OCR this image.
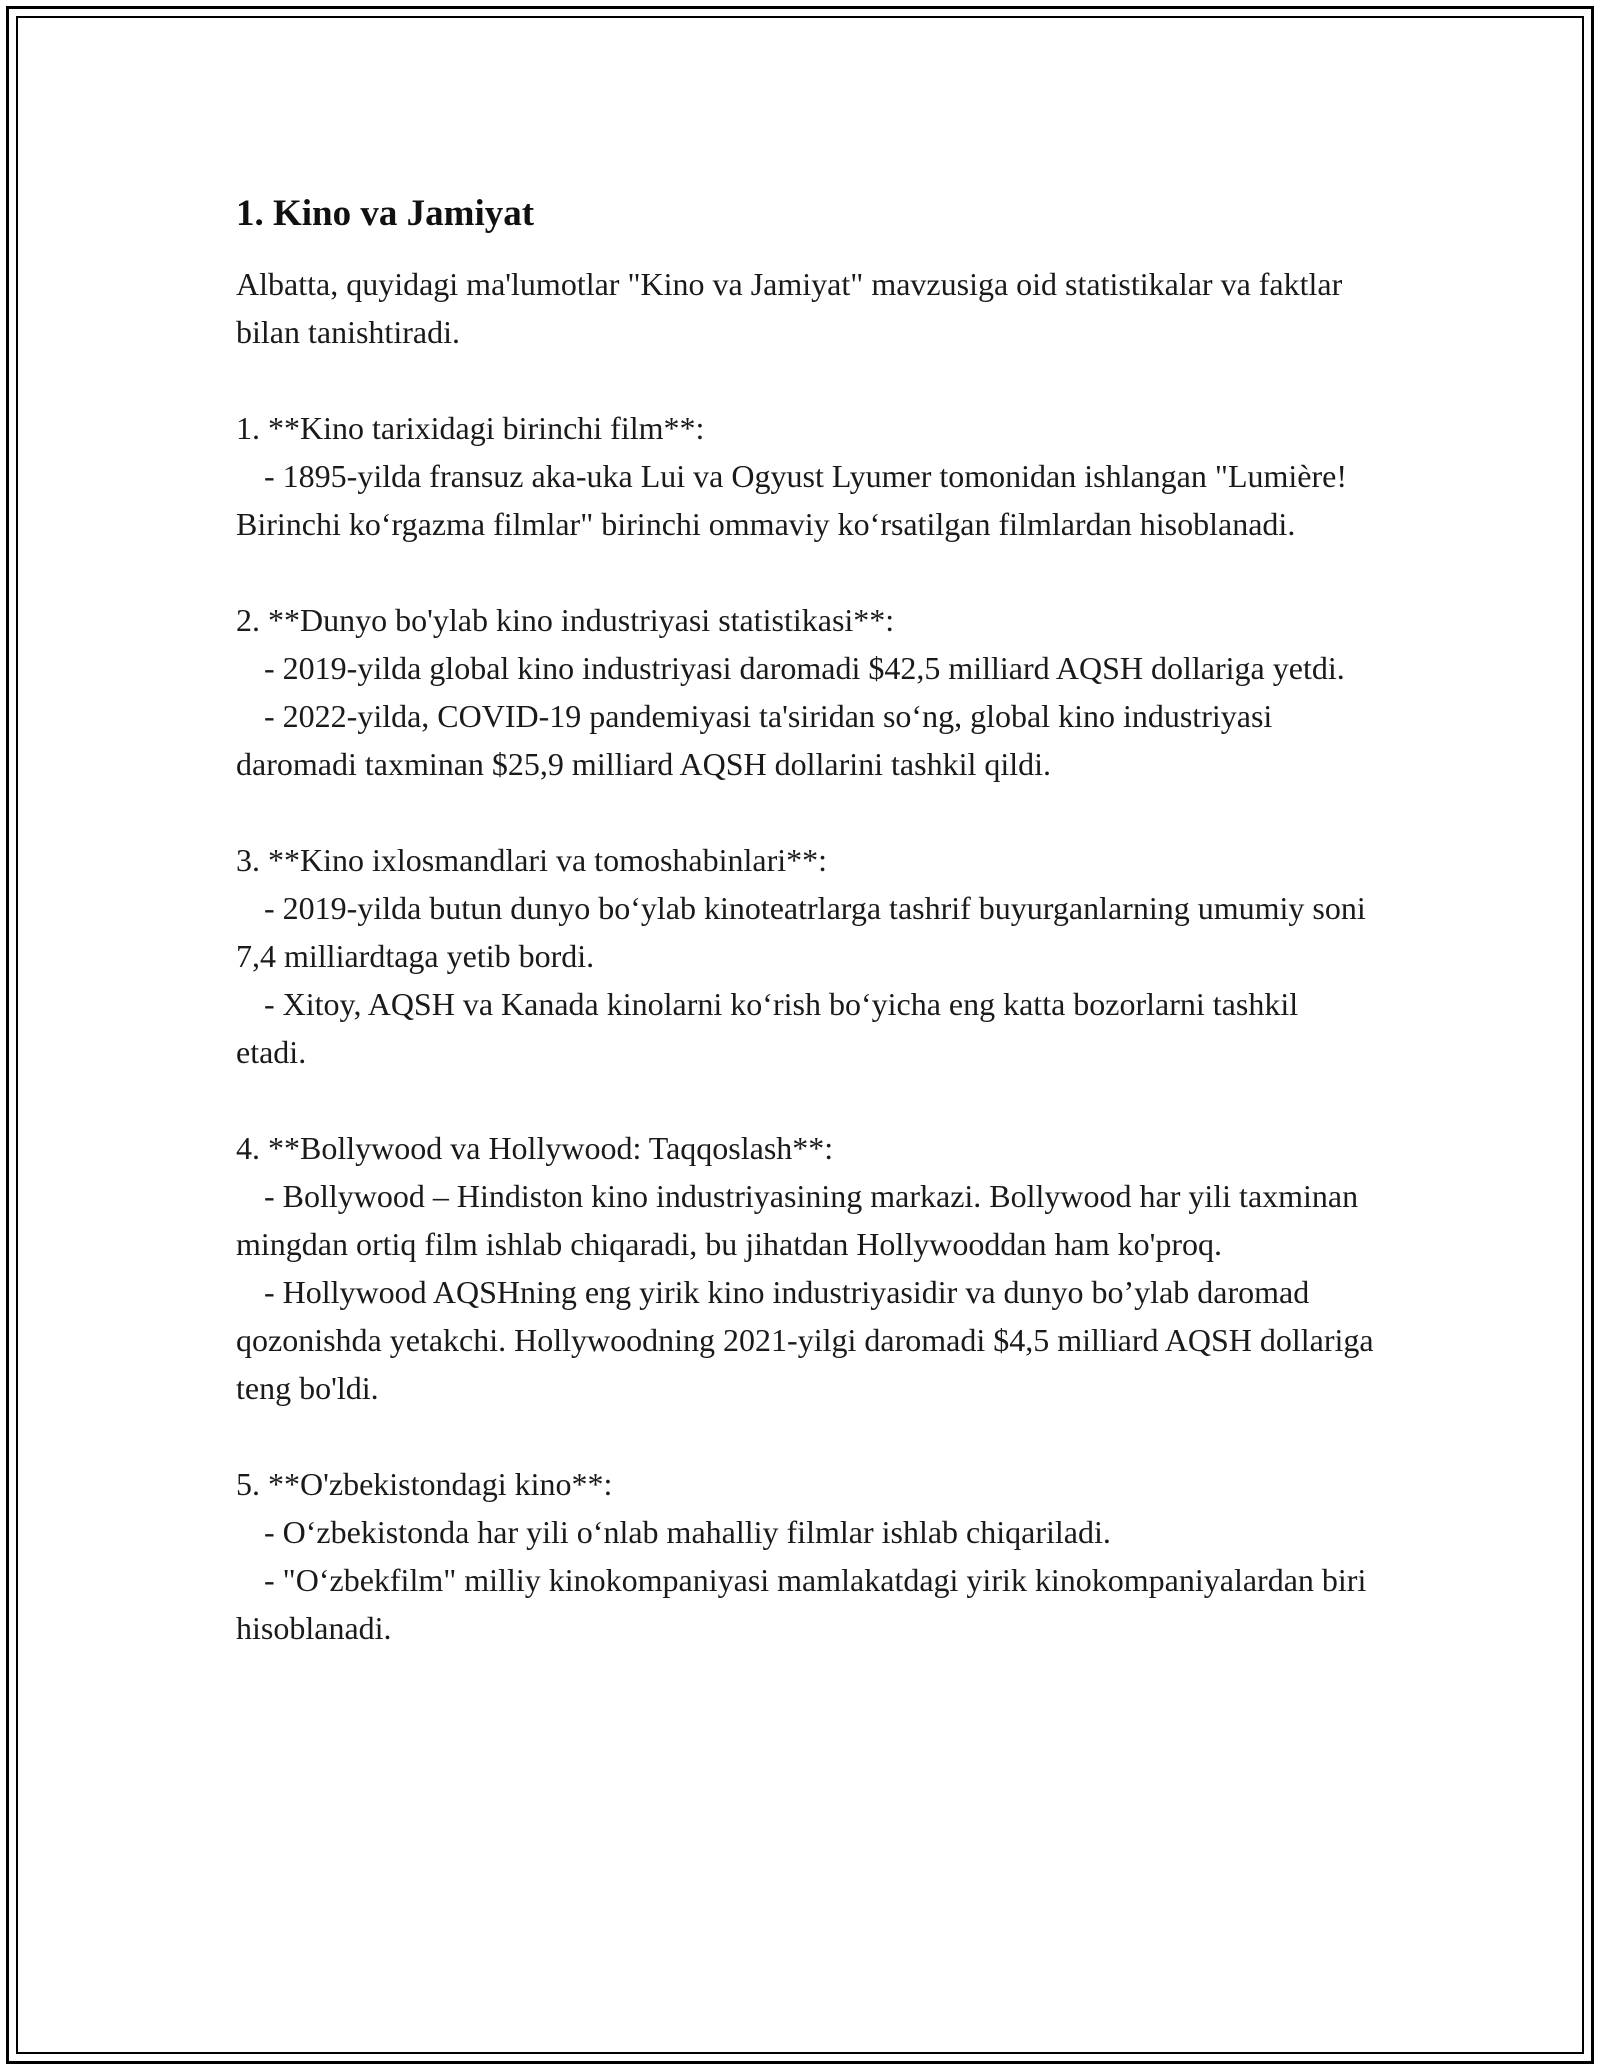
1. Kino va Jamiyat

Albatta, quyidagi ma'lumotlar "Kino va Jamiyat" mavzusiga oid statistikalar va faktlar bilan tanishtiradi.

1. **Kino tarixidagi birinchi film**:

- 1895-yilda fransuz aka-uka Lui va Ogyust Lyumer tomonidan ishlangan "Lumière! Birinchi ko‘rgazma filmlar" birinchi ommaviy ko‘rsatilgan filmlardan hisoblanadi.

2. **Dunyo bo'ylab kino industriyasi statistikasi**:

- 2019-yilda global kino industriyasi daromadi $42,5 milliard AQSH dollariga yetdi.

- 2022-yilda, COVID-19 pandemiyasi ta'siridan so‘ng, global kino industriyasi daromadi taxminan $25,9 milliard AQSH dollarini tashkil qildi.

3. **Kino ixlosmandlari va tomoshabinlari**:

- 2019-yilda butun dunyo bo‘ylab kinoteatrlarga tashrif buyurganlarning umumiy soni 7,4 milliardtaga yetib bordi.

- Xitoy, AQSH va Kanada kinolarni ko‘rish bo‘yicha eng katta bozorlarni tashkil etadi.

4. **Bollywood va Hollywood: Taqqoslash**:

- Bollywood – Hindiston kino industriyasining markazi. Bollywood har yili taxminan mingdan ortiq film ishlab chiqaradi, bu jihatdan Hollywooddan ham ko'proq.

- Hollywood AQSHning eng yirik kino industriyasidir va dunyo bo’ylab daromad qozonishda yetakchi. Hollywoodning 2021-yilgi daromadi $4,5 milliard AQSH dollariga teng bo'ldi.

5. **O'zbekistondagi kino**:

- O‘zbekistonda har yili o‘nlab mahalliy filmlar ishlab chiqariladi.

- "O‘zbekfilm" milliy kinokompaniyasi mamlakatdagi yirik kinokompaniyalardan biri hisoblanadi.
